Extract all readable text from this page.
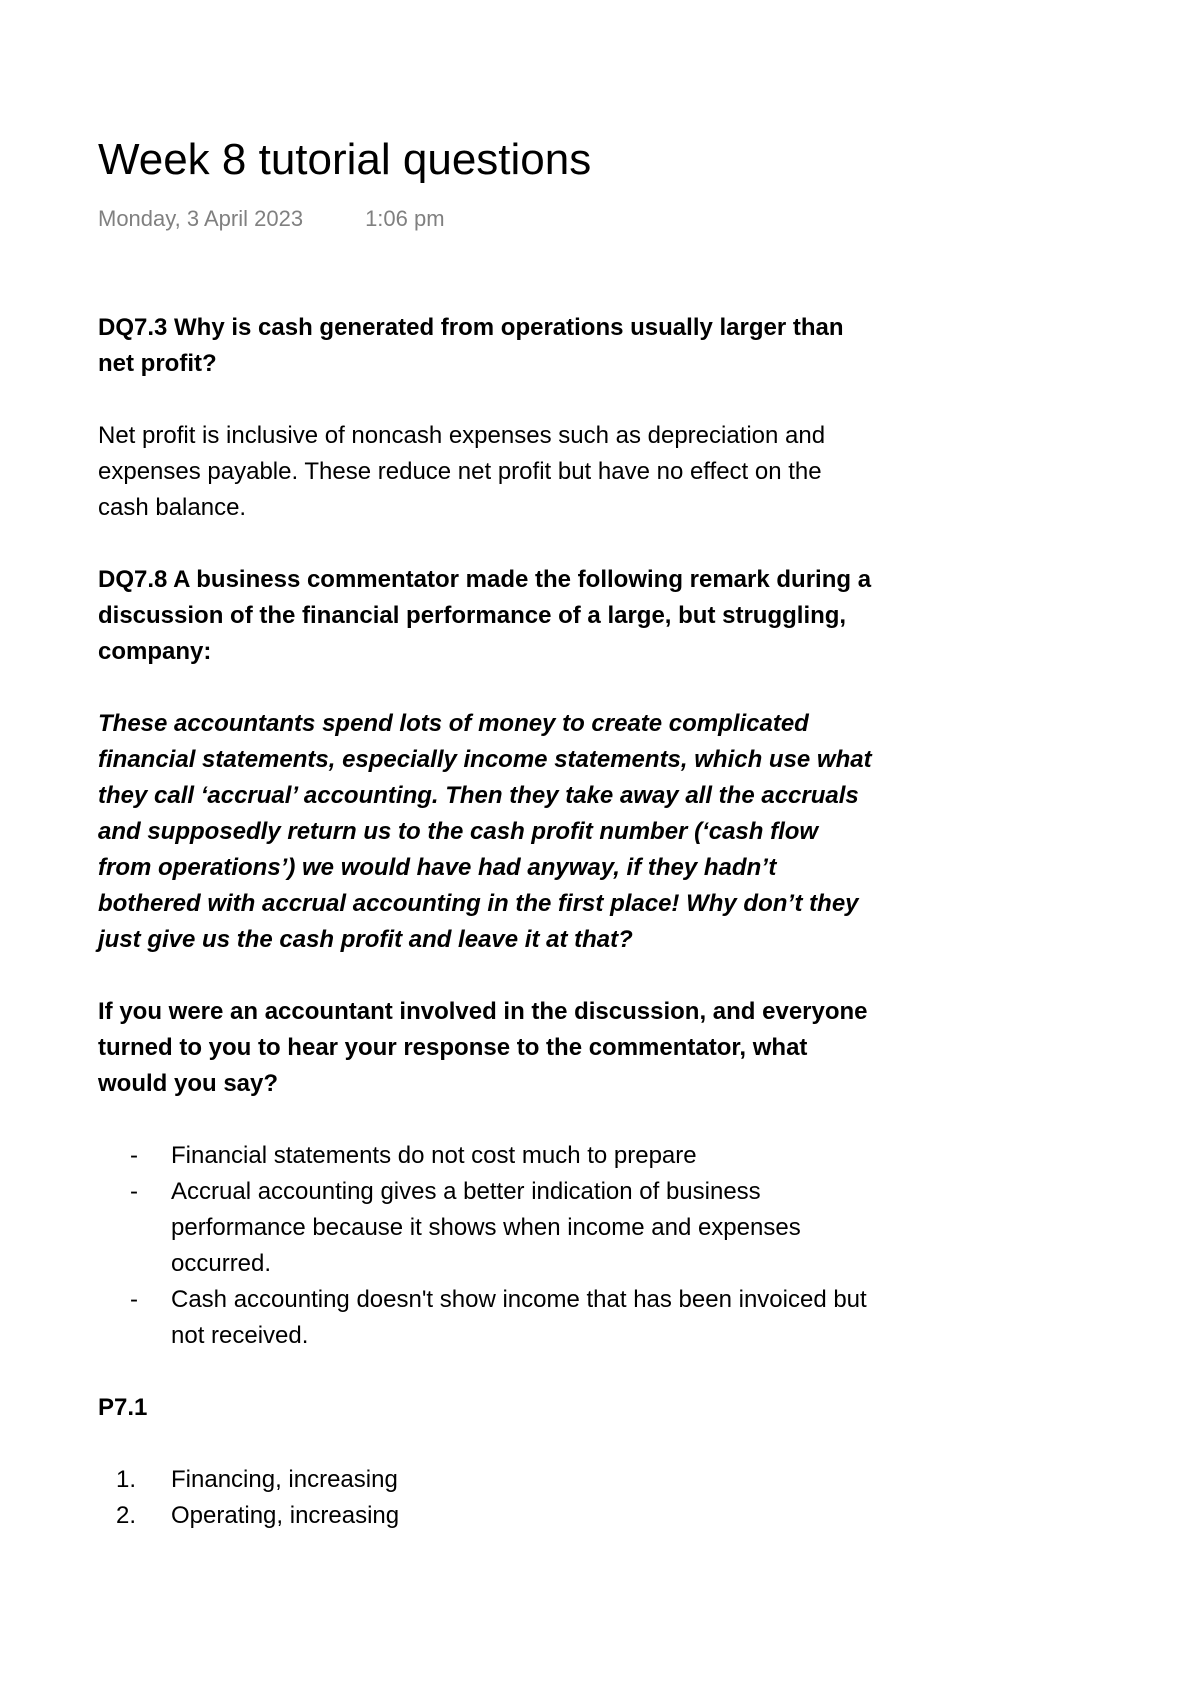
Week 8 tutorial questions
Monday, 3 April 2023	1:06 pm

DQ7.3 Why is cash generated from operations usually larger than net profit?

Net profit is inclusive of noncash expenses such as depreciation and expenses payable. These reduce net profit but have no effect on the cash balance.

DQ7.8 A business commentator made the following remark during a discussion of the financial performance of a large, but struggling, company:

These accountants spend lots of money to create complicated financial statements, especially income statements, which use what they call ‘accrual’ accounting. Then they take away all the accruals and supposedly return us to the cash profit number (‘cash flow from operations’) we would have had anyway, if they hadn’t bothered with accrual accounting in the first place! Why don’t they just give us the cash profit and leave it at that?

If you were an accountant involved in the discussion, and everyone turned to you to hear your response to the commentator, what would you say?

- Financial statements do not cost much to prepare
- Accrual accounting gives a better indication of business performance because it shows when income and expenses occurred.
- Cash accounting doesn't show income that has been invoiced but not received.

P7.1

1. Financing, increasing
2. Operating, increasing
